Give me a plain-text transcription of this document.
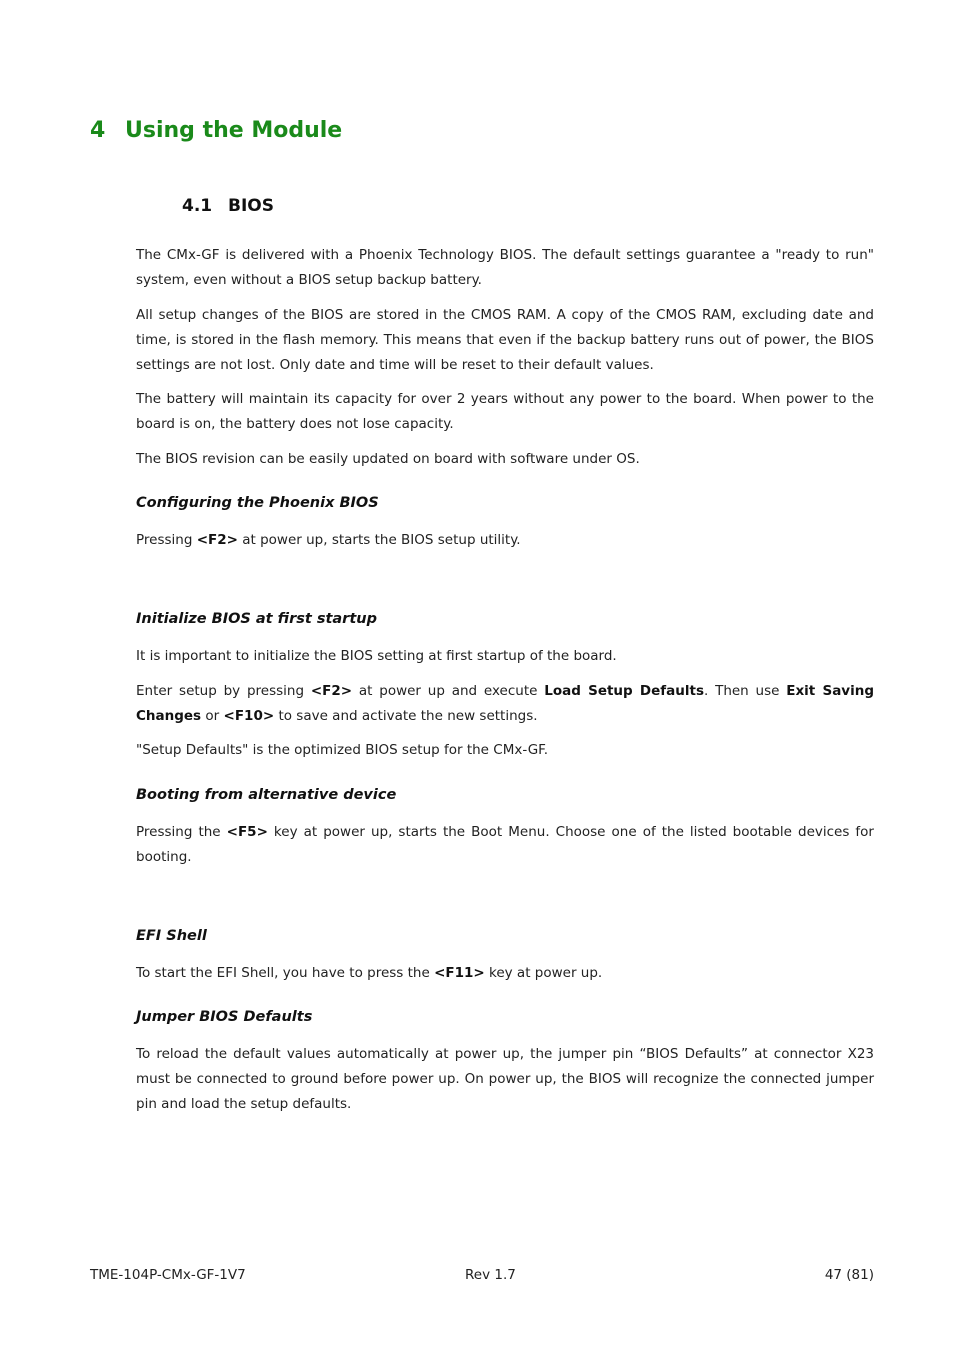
4 Using the Module
4.1 BIOS

The CMx-GF is delivered with a Phoenix Technology BIOS. The default settings guarantee a "ready to run" system, even without a BIOS setup backup battery.

All setup changes of the BIOS are stored in the CMOS RAM. A copy of the CMOS RAM, excluding date and time, is stored in the flash memory. This means that even if the backup battery runs out of power, the BIOS settings are not lost. Only date and time will be reset to their default values.

The battery will maintain its capacity for over 2 years without any power to the board. When power to the board is on, the battery does not lose capacity.

The BIOS revision can be easily updated on board with software under OS.

Configuring the Phoenix BIOS

Pressing <F2> at power up, starts the BIOS setup utility.

Initialize BIOS at first startup

It is important to initialize the BIOS setting at first startup of the board.

Enter setup by pressing <F2> at power up and execute Load Setup Defaults. Then use Exit Saving Changes or <F10> to save and activate the new settings.

"Setup Defaults" is the optimized BIOS setup for the CMx-GF.

Booting from alternative device

Pressing the <F5> key at power up, starts the Boot Menu. Choose one of the listed bootable devices for booting.

EFI Shell

To start the EFI Shell, you have to press the <F11> key at power up.

Jumper BIOS Defaults

To reload the default values automatically at power up, the jumper pin “BIOS Defaults” at connector X23 must be connected to ground before power up. On power up, the BIOS will recognize the connected jumper pin and load the setup defaults.

TME-104P-CMx-GF-1V7	Rev 1.7	47 (81)
